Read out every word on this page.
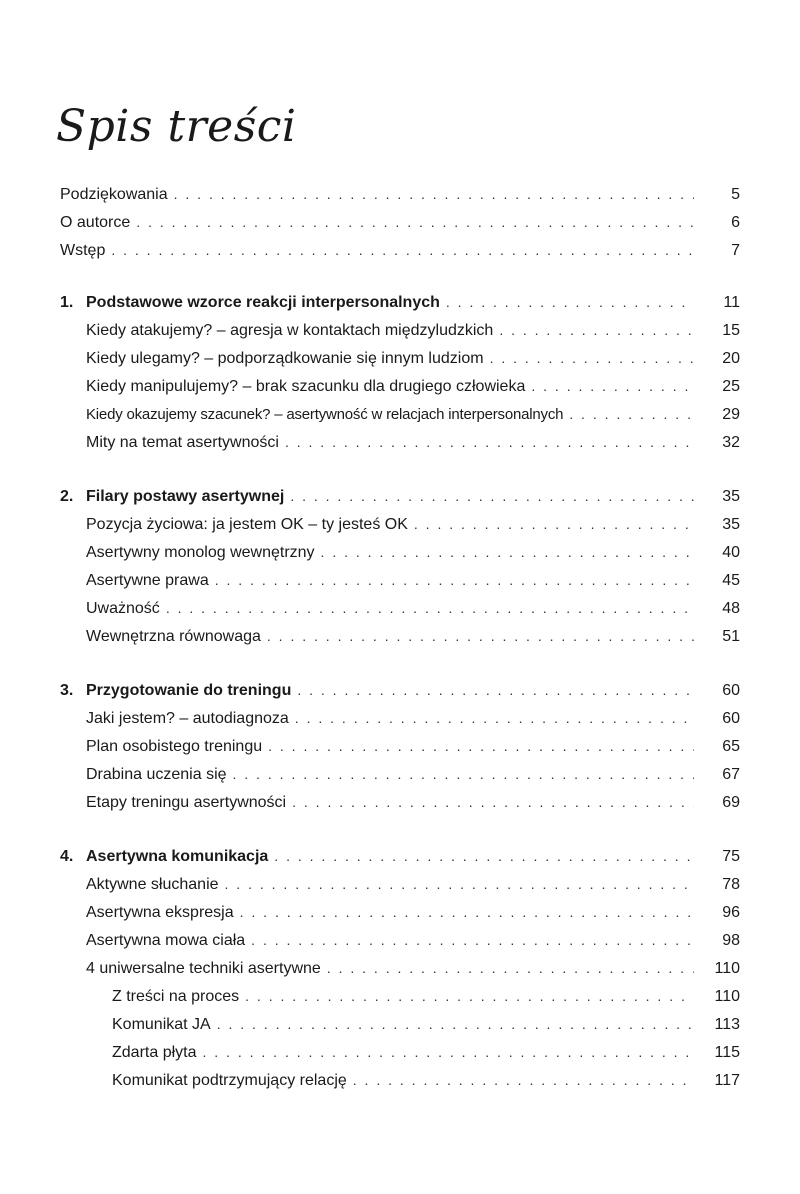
Spis treści
Podziękowania . . .	5
O autorce . . .	6
Wstęp . . .	7
1. Podstawowe wzorce reakcji interpersonalnych . . .	11
Kiedy atakujemy? – agresja w kontaktach międzyludzkich . . .	15
Kiedy ulegamy? – podporządkowanie się innym ludziom . . .	20
Kiedy manipulujemy? – brak szacunku dla drugiego człowieka . . .	25
Kiedy okazujemy szacunek? – asertywność w relacjach interpersonalnych . . .	29
Mity na temat asertywności . . .	32
2. Filary postawy asertywnej . . .	35
Pozycja życiowa: ja jestem OK – ty jesteś OK . . .	35
Asertywny monolog wewnętrzny . . .	40
Asertywne prawa . . .	45
Uważność . . .	48
Wewnętrzna równowaga . . .	51
3. Przygotowanie do treningu . . .	60
Jaki jestem? – autodiagnoza . . .	60
Plan osobistego treningu . . .	65
Drabina uczenia się . . .	67
Etapy treningu asertywności . . .	69
4. Asertywna komunikacja . . .	75
Aktywne słuchanie . . .	78
Asertywna ekspresja . . .	96
Asertywna mowa ciała . . .	98
4 uniwersalne techniki asertywne . . .	110
Z treści na proces . . .	110
Komunikat JA . . .	113
Zdarta płyta . . .	115
Komunikat podtrzymujący relację . . .	117
